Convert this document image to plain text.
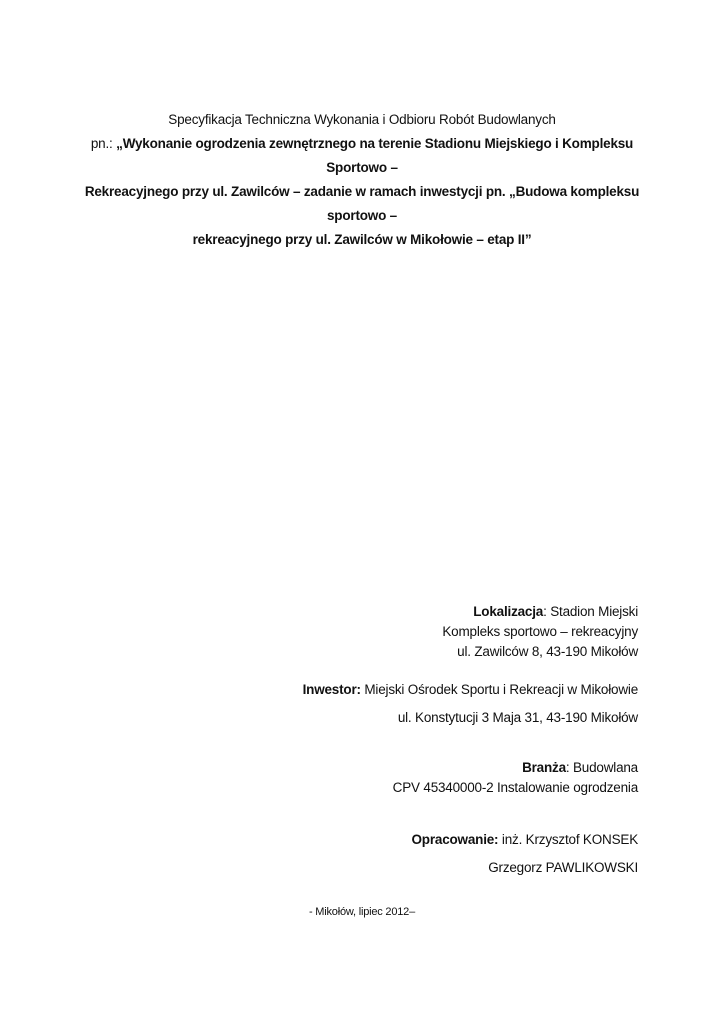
Specyfikacja Techniczna Wykonania i Odbioru Robót Budowlanych
pn.: „Wykonanie ogrodzenia zewnętrznego na terenie Stadionu Miejskiego i Kompleksu Sportowo –
Rekreacyjnego przy ul. Zawilców – zadanie w ramach inwestycji pn. „Budowa kompleksu sportowo –
rekreacyjnego przy ul. Zawilców w Mikołowie – etap II”
Lokalizacja: Stadion Miejski
Kompleks sportowo – rekreacyjny
ul. Zawilców 8, 43-190 Mikołów
Inwestor: Miejski Ośrodek Sportu i Rekreacji w Mikołowie
ul. Konstytucji 3 Maja 31, 43-190 Mikołów
Branża: Budowlana
CPV 45340000-2 Instalowanie ogrodzenia
Opracowanie: inż. Krzysztof KONSEK
Grzegorz PAWLIKOWSKI
- Mikołów, lipiec 2012–
